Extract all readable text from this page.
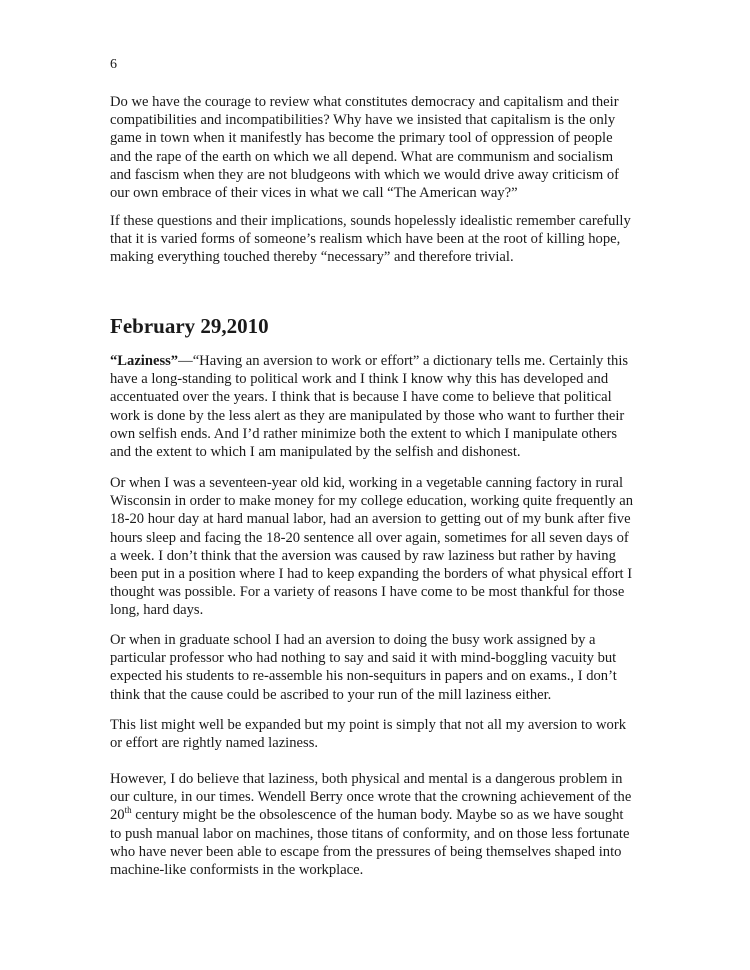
6
Do we have the courage to review what constitutes democracy and capitalism and their
compatibilities and incompatibilities? Why have we insisted that capitalism is the only
game in town when it manifestly has become the primary tool of oppression of people
and the rape of the earth on which we all depend. What are communism and socialism
and fascism when they are not bludgeons with which we would drive away criticism of
our own embrace of their vices in what we call “The American way?”
If these questions and their implications, sounds hopelessly idealistic remember carefully
that it is varied forms of someone’s realism which have been at the root of killing hope,
making everything touched thereby “necessary” and therefore trivial.
February 29,2010
“Laziness”—“Having an aversion to work or effort” a dictionary tells me. Certainly this
have a long-standing to political work and I think I know why this has developed and
accentuated over the years. I think that is because I have come to believe that political
work is done by the less alert as they are manipulated by those who want to further their
own selfish ends. And I’d rather minimize both the extent to which I manipulate others
and the extent to which I am manipulated by the selfish and dishonest.
Or when I was a seventeen-year old kid, working in a vegetable canning factory in rural
Wisconsin in order to make money for my college education, working quite frequently an
18-20 hour day at hard manual labor, had an aversion to getting out of my bunk after five
hours sleep and facing the 18-20 sentence all over again, sometimes for all seven days of
a week. I don’t think that the aversion was caused by raw laziness but rather by having
been put in a position where I had to keep expanding the borders of what physical effort I
thought was possible. For a variety of reasons I have come to be most thankful for those
long, hard days.
Or when in graduate school I had an aversion to doing the busy work assigned by a
particular professor who had nothing to say and said it with mind-boggling vacuity but
expected his students to re-assemble his non-sequiturs in papers and on exams., I don’t
think that the cause could be ascribed to your run of the mill laziness either.
This list might well be expanded but my point is simply that not all my aversion to work
or effort are rightly named laziness.
However, I do believe that laziness, both physical and mental is a dangerous problem in
our culture, in our times. Wendell Berry once wrote that the crowning achievement of the
20th century might be the obsolescence of the human body. Maybe so as we have sought
to push manual labor on machines, those titans of conformity, and on those less fortunate
who have never been able to escape from the pressures of being themselves shaped into
machine-like conformists in the workplace.
